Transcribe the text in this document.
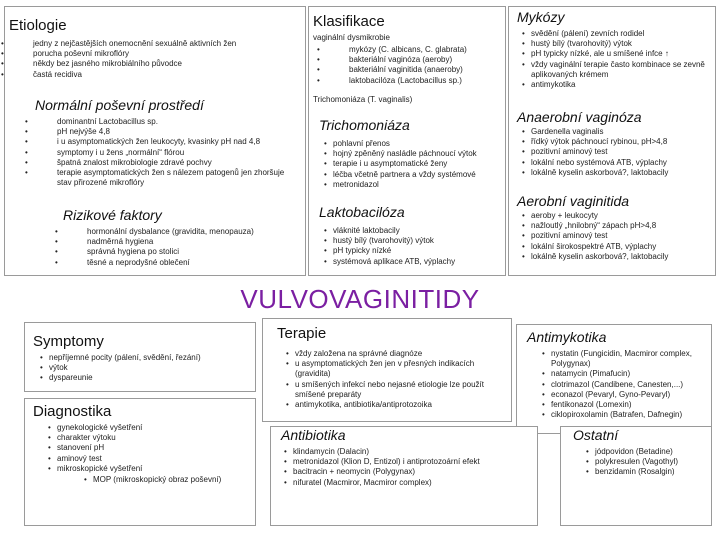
Etiologie
• jedny z nejčastějších onemocnění sexuálně aktivních žen
• porucha poševní mikroflóry
• někdy bez jasného mikrobiálního původce
• častá recidiva
Normální poševní prostředí
• dominantní Lactobacillus sp.
• pH nejvýše 4,8
• i u asymptomatických žen leukocyty, kvasinky pH nad 4,8
• symptomy i u žens „normální“ flórou
• špatná znalost mikrobiologie zdravé pochvy
• terapie asymptomatických žen s nálezem patogenů jen zhoršuje stav přirozené mikroflóry
Rizikové faktory
• hormonální dysbalance (gravidita, menopauza)
• nadměrná hygiena
• správná hygiena po stolici
• těsné a neprodyšné oblečení
Klasifikace
vaginální dysmikrobie
• mykózy (C. albicans, C. glabrata)
• bakteriální vaginóza (aeroby)
• bakteriální vaginitida (anaeroby)
• laktobacilóza (Lactobacillus sp.)
Trichomoniáza (T. vaginalis)
Trichomoniáza
• pohlavní přenos
• hojný zpěněný nasládle páchnoucí výtok
• terapie i u asymptomatické ženy
• léčba včetně partnera a vždy systémové
• metronidazol
Laktobacilóza
• vláknité laktobacily
• hustý bílý (tvarohovitý) výtok
• pH typicky nízké
• systémová aplikace ATB, výplachy
Mykózy
• svědění (pálení) zevních rodidel
• hustý bílý (tvarohovitý) výtok
• pH typicky nízké, ale u smíšené infce ↑
• vždy vaginální terapie často kombinace se zevně aplikovaných krémem
• antimykotika
Anaerobní vaginóza
• Gardenella vaginalis
• řídký výtok páchnoucí rybinou, pH>4,8
• pozitivní aminový test
• lokální nebo systémová ATB, výplachy
• lokálně kyselin askorbová?, laktobacily
Aerobní vaginitida
• aeroby + leukocyty
• nažloutlý „hnilobný“ zápach pH>4,8
• pozitivní aminový test
• lokální širokospektré ATB, výplachy
• lokálně kyselin askorbová?, laktobacily
VULVOVAGINITIDY
Symptomy
• nepříjemné pocity (pálení, svědění, řezání)
• výtok
• dyspareunie
Diagnostika
• gynekologické vyšetření
• charakter výtoku
• stanovení pH
• aminový test
• mikroskopické vyšetření
• MOP (mikroskopický obraz poševní)
Terapie
• vždy založena na správné diagnóze
• u asymptomatických žen jen v přesných indikacích (gravidita)
• u smíšených infekcí nebo nejasné etiologie lze použít smíšené preparáty
• antimykotika, antibiotika/antiprotozoika
Antimykotika
• nystatin (Fungicidin, Macmiror complex, Polygynax)
• natamycin (Pimafucin)
• clotrimazol (Candibene, Canesten,...)
• econazol (Pevaryl, Gyno-Pevaryl)
• fentikonazol (Lomexin)
• ciklopiroxolamin (Batrafen, Dafnegin)
Antibiotika
• klindamycin (Dalacin)
• metronidazol (Klion D, Entizol) i antiprotozoární efekt
• bacitracin + neomycin (Polygynax)
• nifuratel (Macmiror, Macmiror complex)
Ostatní
• jódpovidon (Betadine)
• polykresulen (Vagothyl)
• benzidamin (Rosalgin)
